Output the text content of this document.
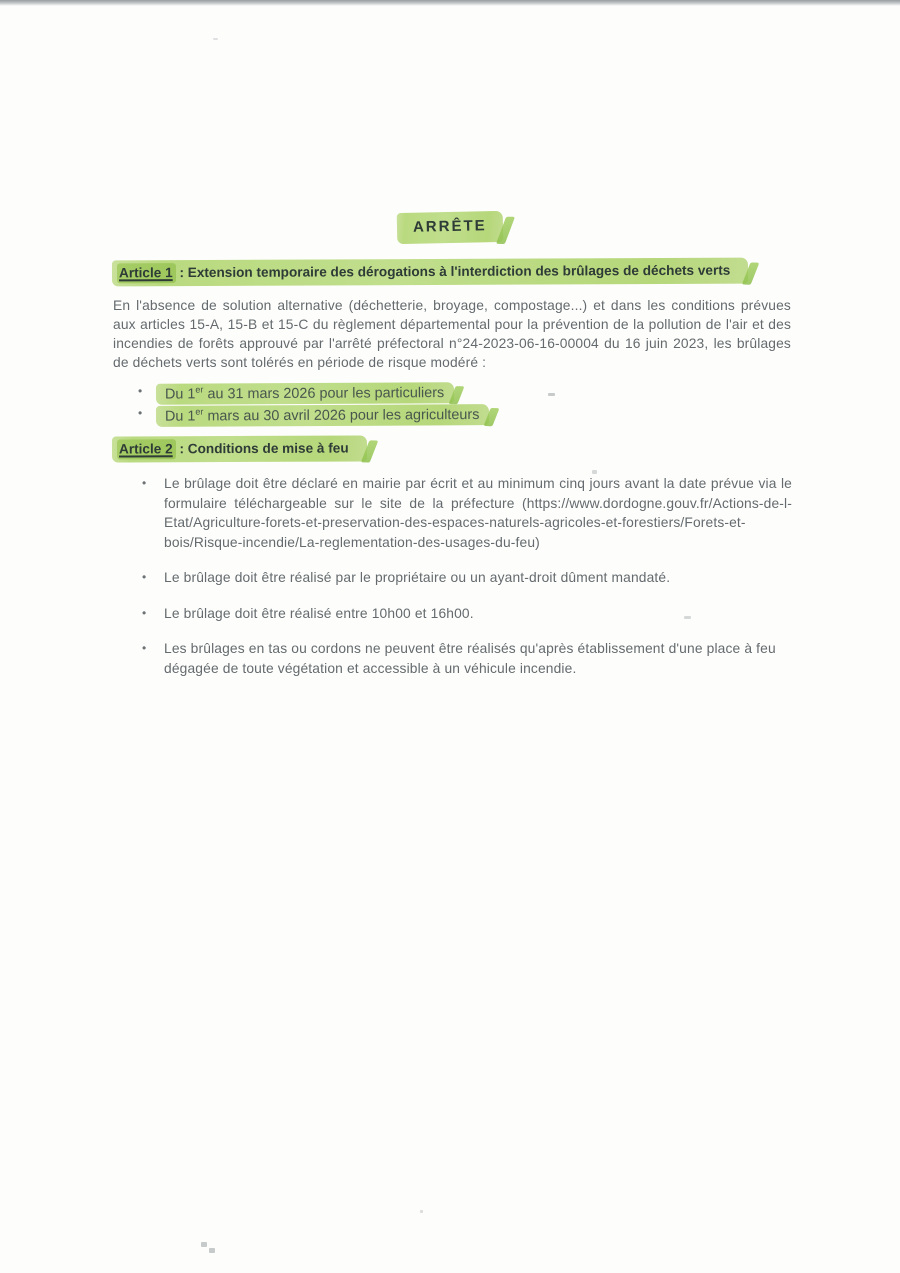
ARRÊTE
Article 1 : Extension temporaire des dérogations à l'interdiction des brûlages de déchets verts

En l'absence de solution alternative (déchetterie, broyage, compostage...) et dans les conditions prévues aux articles 15-A, 15-B et 15-C du règlement départemental pour la prévention de la pollution de l'air et des incendies de forêts approuvé par l'arrêté préfectoral n°24-2023-06-16-00004 du 16 juin 2023, les brûlages de déchets verts sont tolérés en période de risque modéré :

• Du 1er au 31 mars 2026 pour les particuliers
• Du 1er mars au 30 avril 2026 pour les agriculteurs
Article 2 : Conditions de mise à feu
• Le brûlage doit être déclaré en mairie par écrit et au minimum cinq jours avant la date prévue via le formulaire téléchargeable sur le site de la préfecture (https://www.dordogne.gouv.fr/Actions-de-l-Etat/Agriculture-forets-et-preservation-des-espaces-naturels-agricoles-et-forestiers/Forets-et-bois/Risque-incendie/La-reglementation-des-usages-du-feu)
• Le brûlage doit être réalisé par le propriétaire ou un ayant-droit dûment mandaté.
• Le brûlage doit être réalisé entre 10h00 et 16h00.
• Les brûlages en tas ou cordons ne peuvent être réalisés qu'après établissement d'une place à feu dégagée de toute végétation et accessible à un véhicule incendie.
